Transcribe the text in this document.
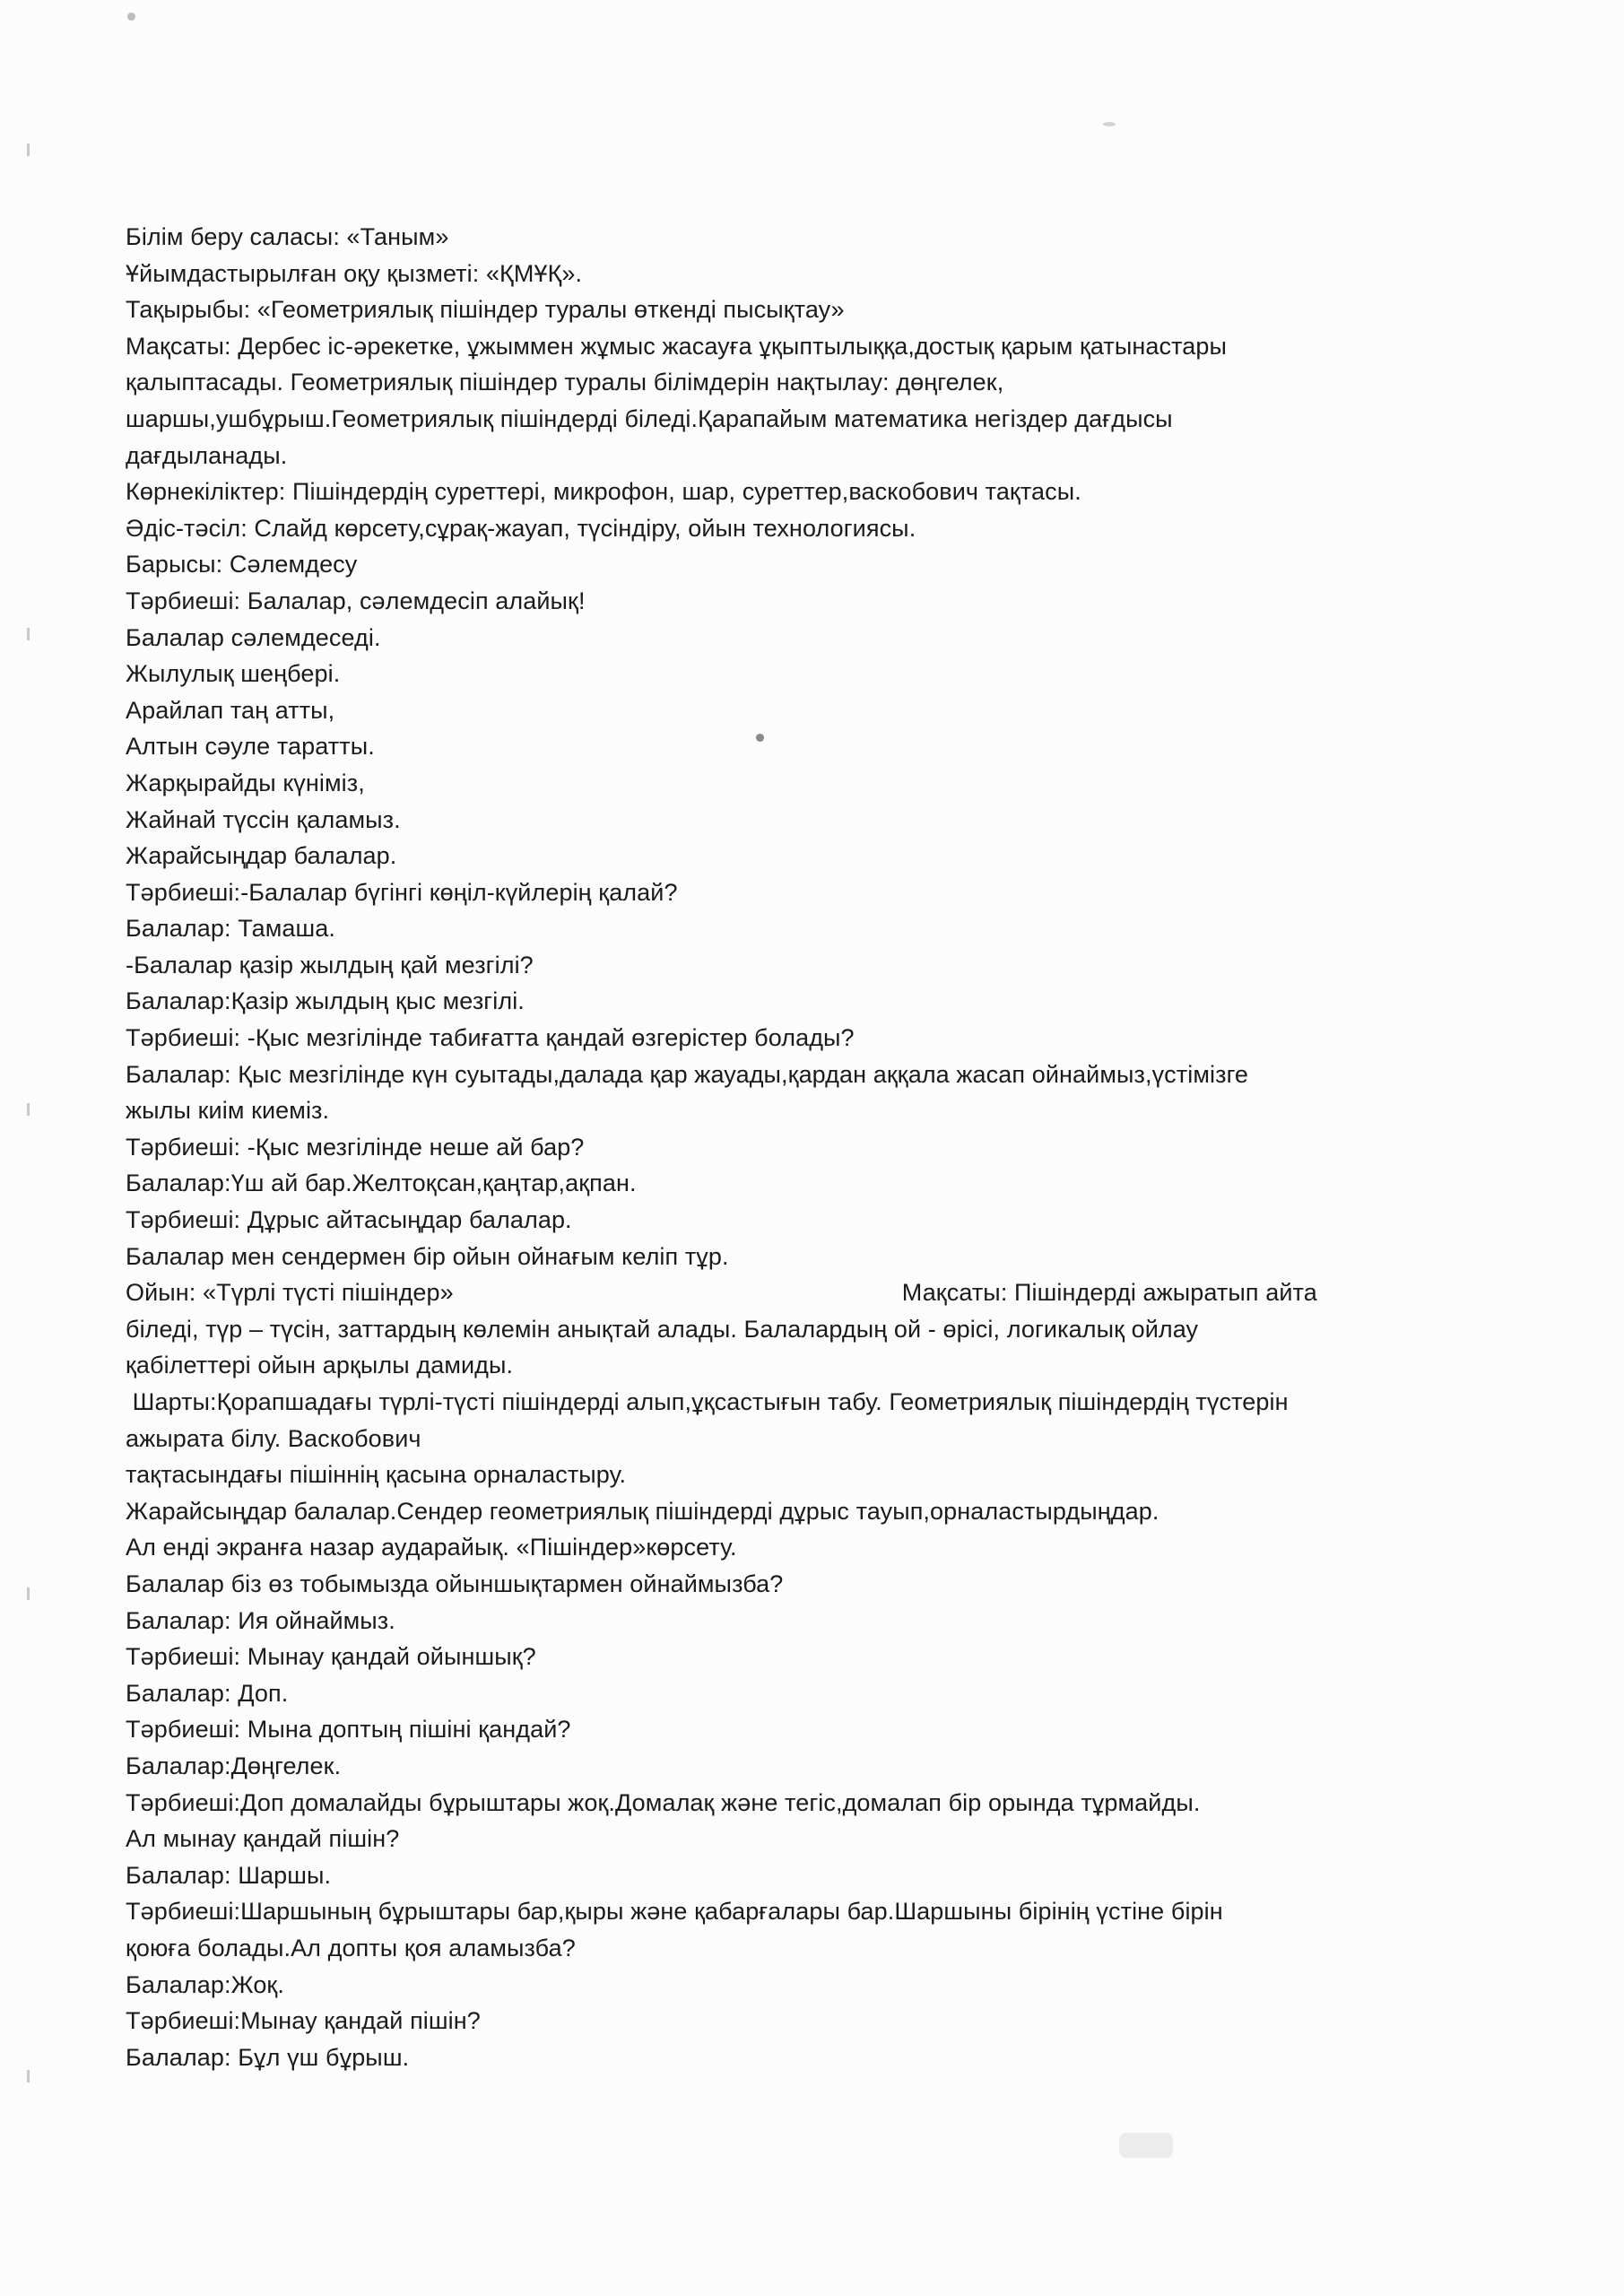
Білім беру саласы: «Таным»
Ұйымдастырылған оқу қызметі: «ҚМҰҚ».
Тақырыбы: «Геометриялық пішіндер туралы өткенді пысықтау»
Мақсаты: Дербес іс-әрекетке, ұжыммен жұмыс жасауға ұқыптылыққа,достық қарым қатынастары
қалыптасады. Геометриялық пішіндер туралы білімдерін нақтылау: дөңгелек,
шаршы,ушбұрыш.Геометриялық пішіндерді біледі.Қарапайым математика негіздер дағдысы
дағдыланады.
Көрнекіліктер: Пішіндердің суреттері, микрофон, шар, суреттер,васкобович тақтасы.
Әдіс-тәсіл: Слайд көрсету,сұрақ-жауап, түсіндіру, ойын технологиясы.
Барысы: Сәлемдесу
Тәрбиеші: Балалар, сәлемдесіп алайық!
Балалар сәлемдеседі.
Жылулық шеңбері.
Арайлап таң атты,
Алтын сәуле таратты.
Жарқырайды күніміз,
Жайнай түссін қаламыз.
Жарайсыңдар балалар.
Тәрбиеші:-Балалар бүгінгі көңіл-күйлерің қалай?
Балалар: Тамаша.
-Балалар қазір жылдың қай мезгілі?
Балалар:Қазір жылдың қыс мезгілі.
Тәрбиеші: -Қыс мезгілінде табиғатта қандай өзгерістер болады?
Балалар: Қыс мезгілінде күн суытады,далада қар жауады,қардан аққала жасап ойнаймыз,үстімізге
жылы киім киеміз.
Тәрбиеші: -Қыс мезгілінде неше ай бар?
Балалар:Үш ай бар.Желтоқсан,қаңтар,ақпан.
Тәрбиеші: Дұрыс айтасыңдар балалар.
Балалар мен сендермен бір ойын ойнағым келіп тұр.
Ойын: «Түрлі түсті пішіндер»	Мақсаты: Пішіндерді ажыратып айта
біледі, түр – түсін, заттардың көлемін анықтай алады. Балалардың ой - өрісі, логикалық ойлау
қабілеттері ойын арқылы дамиды.
Шарты:Қорапшадағы түрлі-түсті пішіндерді алып,ұқсастығын табу. Геометриялық пішіндердің түстерін
ажырата білу. Васкобович
тақтасындағы пішіннің қасына орналастыру.
Жарайсыңдар балалар.Сендер геометриялық пішіндерді дұрыс тауып,орналастырдыңдар.
Ал енді экранға назар аударайық. «Пішіндер»көрсету.
Балалар біз өз тобымызда ойыншықтармен ойнаймызба?
Балалар: Ия ойнаймыз.
Тәрбиеші: Мынау қандай ойыншық?
Балалар: Доп.
Тәрбиеші: Мына доптың пішіні қандай?
Балалар:Дөңгелек.
Тәрбиеші:Доп домалайды бұрыштары жоқ.Домалақ және тегіс,домалап бір орында тұрмайды.
Ал мынау қандай пішін?
Балалар: Шаршы.
Тәрбиеші:Шаршының бұрыштары бар,қыры және қабарғалары бар.Шаршыны бірінің үстіне бірін
қоюға болады.Ал допты қоя аламызба?
Балалар:Жоқ.
Тәрбиеші:Мынау қандай пішін?
Балалар: Бұл үш бұрыш.
